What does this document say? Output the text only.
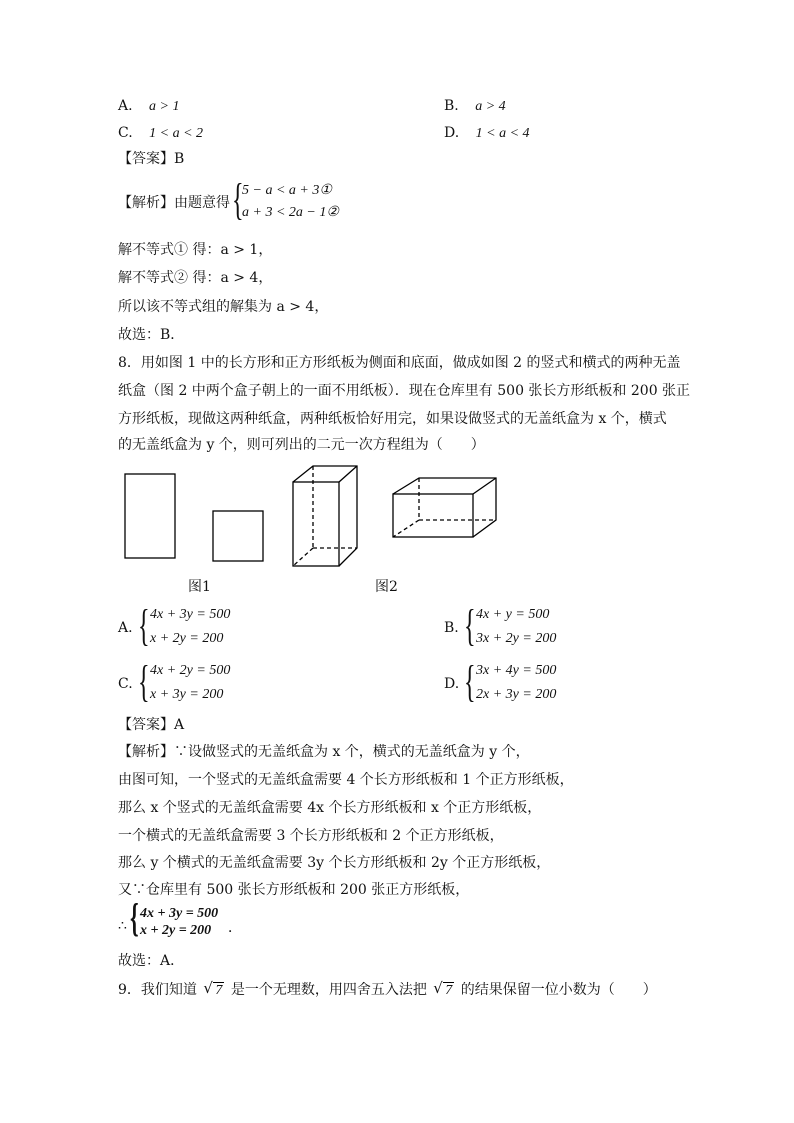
A. a > 1	B. a > 4
C. 1 < a < 2	D. 1 < a < 4
【答案】B
【解析】由题意得 {
5 − a < a + 3①
a + 3 < 2a − 1②
解不等式① 得：a > 1，
解不等式② 得：a > 4，
所以该不等式组的解集为 a > 4，
故选：B．
8．用如图 1 中的长方形和正方形纸板为侧面和底面，做成如图 2 的竖式和横式的两种无盖
纸盒（图 2 中两个盒子朝上的一面不用纸板）．现在仓库里有 500 张长方形纸板和 200 张正
方形纸板，现做这两种纸盒，两种纸板恰好用完，如果设做竖式的无盖纸盒为 x 个，横式
的无盖纸盒为 y 个，则可列出的二元一次方程组为（　　）
图1	图2
A. { 4x + 3y = 500
x + 2y = 200
B. { 4x + y = 500
3x + 2y = 200
C. { 4x + 2y = 500
x + 3y = 200
D. { 3x + 4y = 500
2x + 3y = 200
【答案】A
【解析】∵设做竖式的无盖纸盒为 x 个，横式的无盖纸盒为 y 个，
由图可知，一个竖式的无盖纸盒需要 4 个长方形纸板和 1 个正方形纸板，
那么 x 个竖式的无盖纸盒需要 4x 个长方形纸板和 x 个正方形纸板，
一个横式的无盖纸盒需要 3 个长方形纸板和 2 个正方形纸板，
那么 y 个横式的无盖纸盒需要 3y 个长方形纸板和 2y 个正方形纸板，
又∵仓库里有 500 张长方形纸板和 200 张正方形纸板，
∴ { 4x + 3y = 500
x + 2y = 200 ．
故选：A．
9．我们知道 √ 7 是一个无理数，用四舍五入法把 √ 7 的结果保留一位小数为（　　）
